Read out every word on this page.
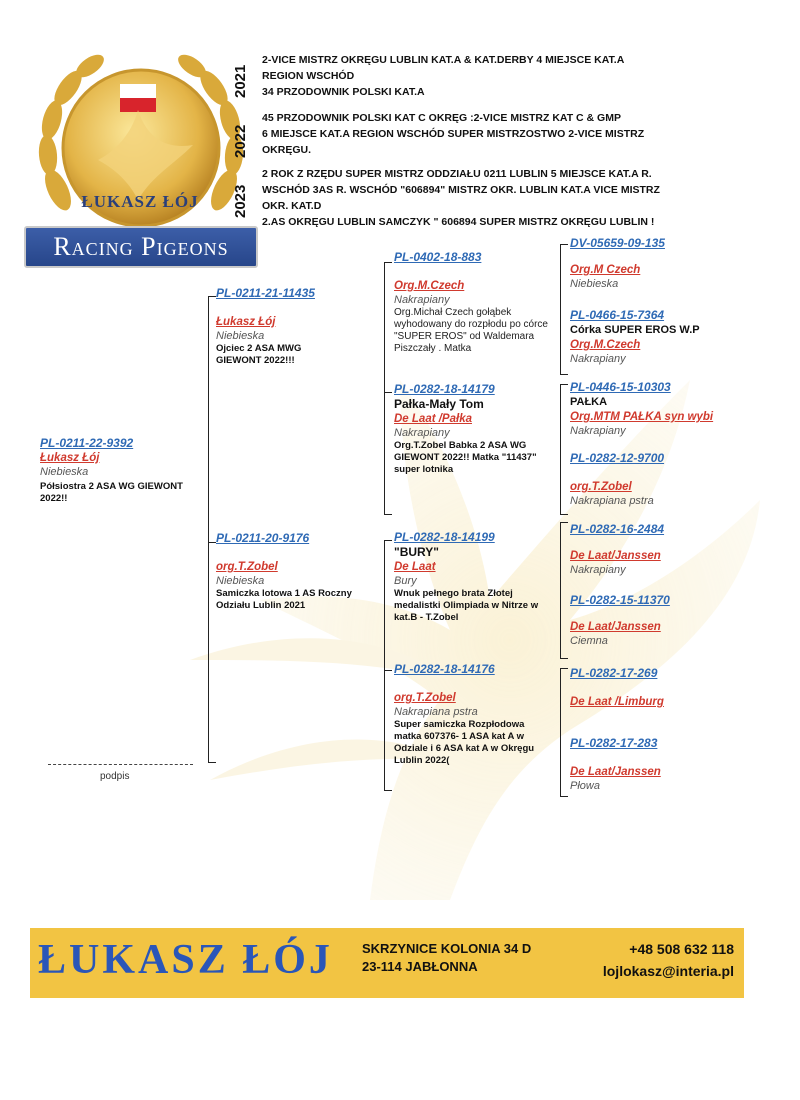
ŁUKASZ ŁÓJ
Racing Pigeons
2021
2-VICE MISTRZ OKRĘGU LUBLIN KAT.A & KAT.DERBY 4 MIEJSCE KAT.A
REGION WSCHÓD
34 PRZODOWNIK POLSKI KAT.A
2022
45 PRZODOWNIK POLSKI KAT C OKRĘG :2-VICE MISTRZ KAT C & GMP
6 MIEJSCE KAT.A REGION WSCHÓD SUPER MISTRZOSTWO 2-VICE MISTRZ
OKRĘGU.
2023
2 ROK Z RZĘDU SUPER MISTRZ ODDZIAŁU 0211 LUBLIN 5 MIEJSCE KAT.A R.
WSCHÓD 3AS R. WSCHÓD "606894" MISTRZ OKR. LUBLIN KAT.A VICE MISTRZ
OKR. KAT.D
2.AS OKRĘGU LUBLIN SAMCZYK " 606894 SUPER MISTRZ OKRĘGU LUBLIN !
PL-0211-22-9392
Łukasz Łój
Niebieska
Półsiostra 2 ASA WG GIEWONT 2022!!
PL-0211-21-11435
Łukasz Łój
Niebieska
Ojciec 2 ASA MWG GIEWONT 2022!!!
PL-0211-20-9176
org.T.Zobel
Niebieska
Samiczka lotowa 1 AS Roczny Odziału Lublin 2021
PL-0402-18-883
Org.M.Czech
Nakrapiany
Org.Michał Czech gołąbek wyhodowany do rozpłodu po córce "SUPER EROS" od Waldemara Piszczały . Matka
PL-0282-18-14179
Pałka-Mały Tom
De Laat /Pałka
Nakrapiany
Org.T.Zobel Babka 2 ASA WG GIEWONT 2022!! Matka "11437" super lotnika
PL-0282-18-14199
"BURY"
De Laat
Bury
Wnuk pełnego brata Złotej medalistki Olimpiada w Nitrze w kat.B - T.Zobel
PL-0282-18-14176
org.T.Zobel
Nakrapiana pstra
Super samiczka Rozpłodowa matka 607376- 1 ASA kat A w Odziale i 6 ASA kat A w Okręgu Lublin 2022(
DV-05659-09-135
Org.M Czech
Niebieska
PL-0466-15-7364
Córka SUPER EROS W.P
Org.M.Czech
Nakrapiany
PL-0446-15-10303
PAŁKA
Org.MTM PAŁKA syn wybi
Nakrapiany
PL-0282-12-9700
org.T.Zobel
Nakrapiana pstra
PL-0282-16-2484
De Laat/Janssen
Nakrapiany
PL-0282-15-11370
De Laat/Janssen
Ciemna
PL-0282-17-269
De Laat /Limburg
PL-0282-17-283
De Laat/Janssen
Płowa
podpis
ŁUKASZ ŁÓJ SKRZYNICE KOLONIA 34 D
23-114 JABŁONNA
+48 508 632 118
lojlokasz@interia.pl
